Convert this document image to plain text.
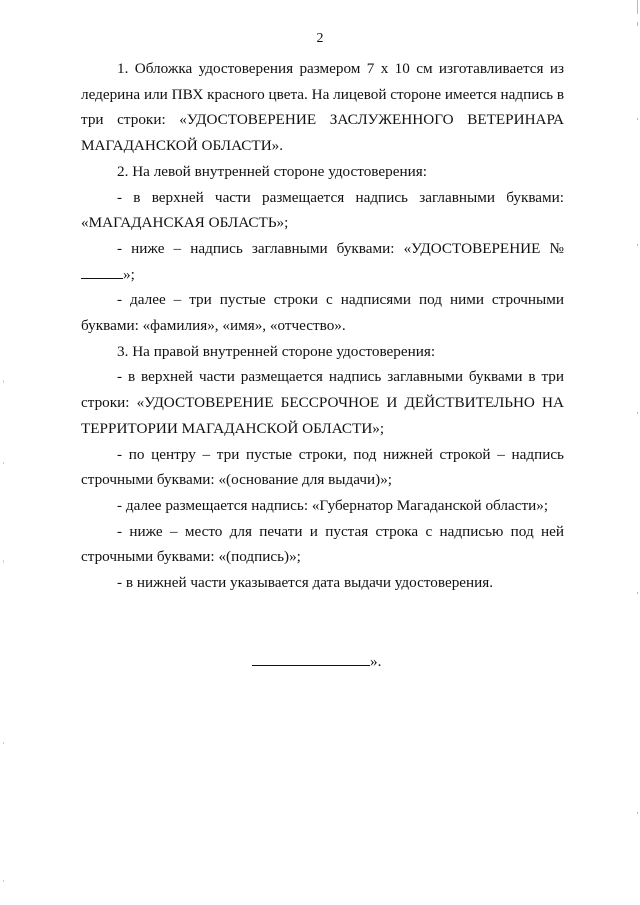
2

1. Обложка удостоверения размером 7 х 10 см изготавливается из ледерина или ПВХ красного цвета. На лицевой стороне имеется надпись в три строки: «УДОСТОВЕРЕНИЕ ЗАСЛУЖЕННОГО ВЕТЕРИНАРА МАГАДАНСКОЙ ОБЛАСТИ».

2. На левой внутренней стороне удостоверения:

- в верхней части размещается надпись заглавными буквами: «МАГАДАНСКАЯ ОБЛАСТЬ»;

- ниже – надпись заглавными буквами: «УДОСТОВЕРЕНИЕ №»;

- далее – три пустые строки с надписями под ними строчными буквами: «фамилия», «имя», «отчество».

3. На правой внутренней стороне удостоверения:

- в верхней части размещается надпись заглавными буквами в три строки: «УДОСТОВЕРЕНИЕ БЕССРОЧНОЕ И ДЕЙСТВИТЕЛЬНО НА ТЕРРИТОРИИ МАГАДАНСКОЙ ОБЛАСТИ»;

- по центру – три пустые строки, под нижней строкой – надпись строчными буквами: «(основание для выдачи)»;

- далее размещается надпись: «Губернатор Магаданской области»;

- ниже – место для печати и пустая строка с надписью под ней строчными буквами: «(подпись)»;

- в нижней части указывается дата выдачи удостоверения.

».
